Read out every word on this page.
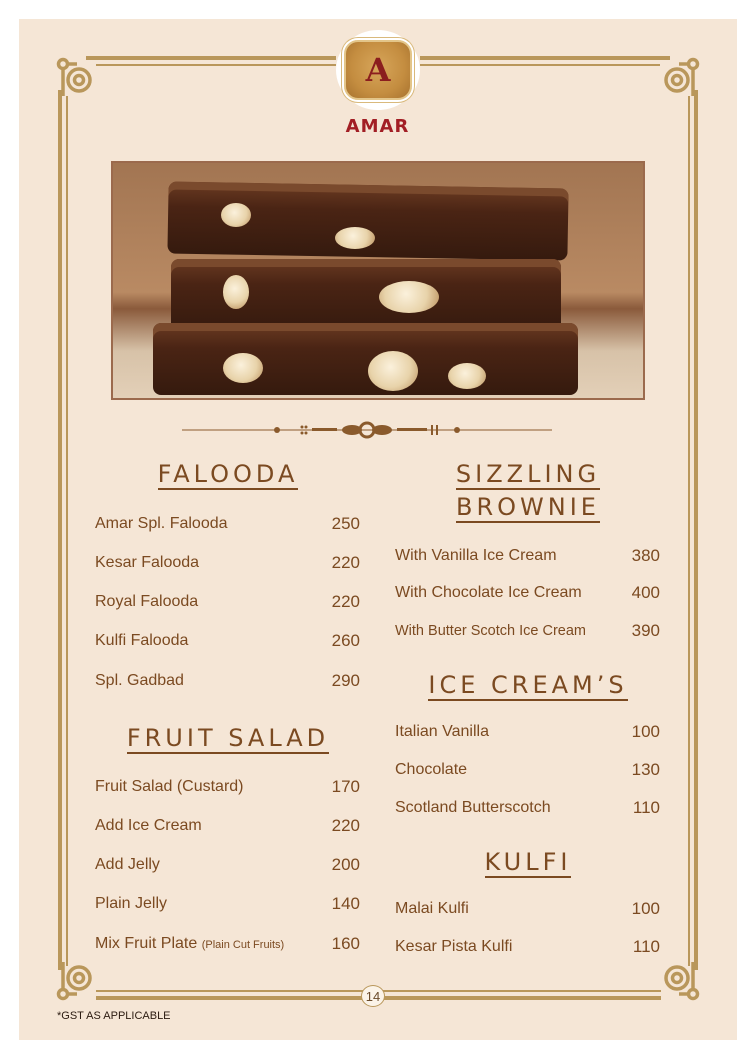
A
AMAR
FALOODA
Amar Spl. Falooda	250
Kesar Falooda	220
Royal Falooda	220
Kulfi Falooda	260
Spl. Gadbad	290
FRUIT SALAD
Fruit Salad (Custard)	170
Add Ice Cream	220
Add Jelly	200
Plain Jelly	140
Mix Fruit Plate (Plain Cut Fruits)	160
SIZZLING
BROWNIE
With Vanilla Ice Cream	380
With Chocolate Ice Cream	400
With Butter Scotch Ice Cream	390
ICE CREAM’S
Italian Vanilla	100
Chocolate	130
Scotland Butterscotch	110
KULFI
Malai Kulfi	100
Kesar Pista Kulfi	110
14
*GST AS APPLICABLE
